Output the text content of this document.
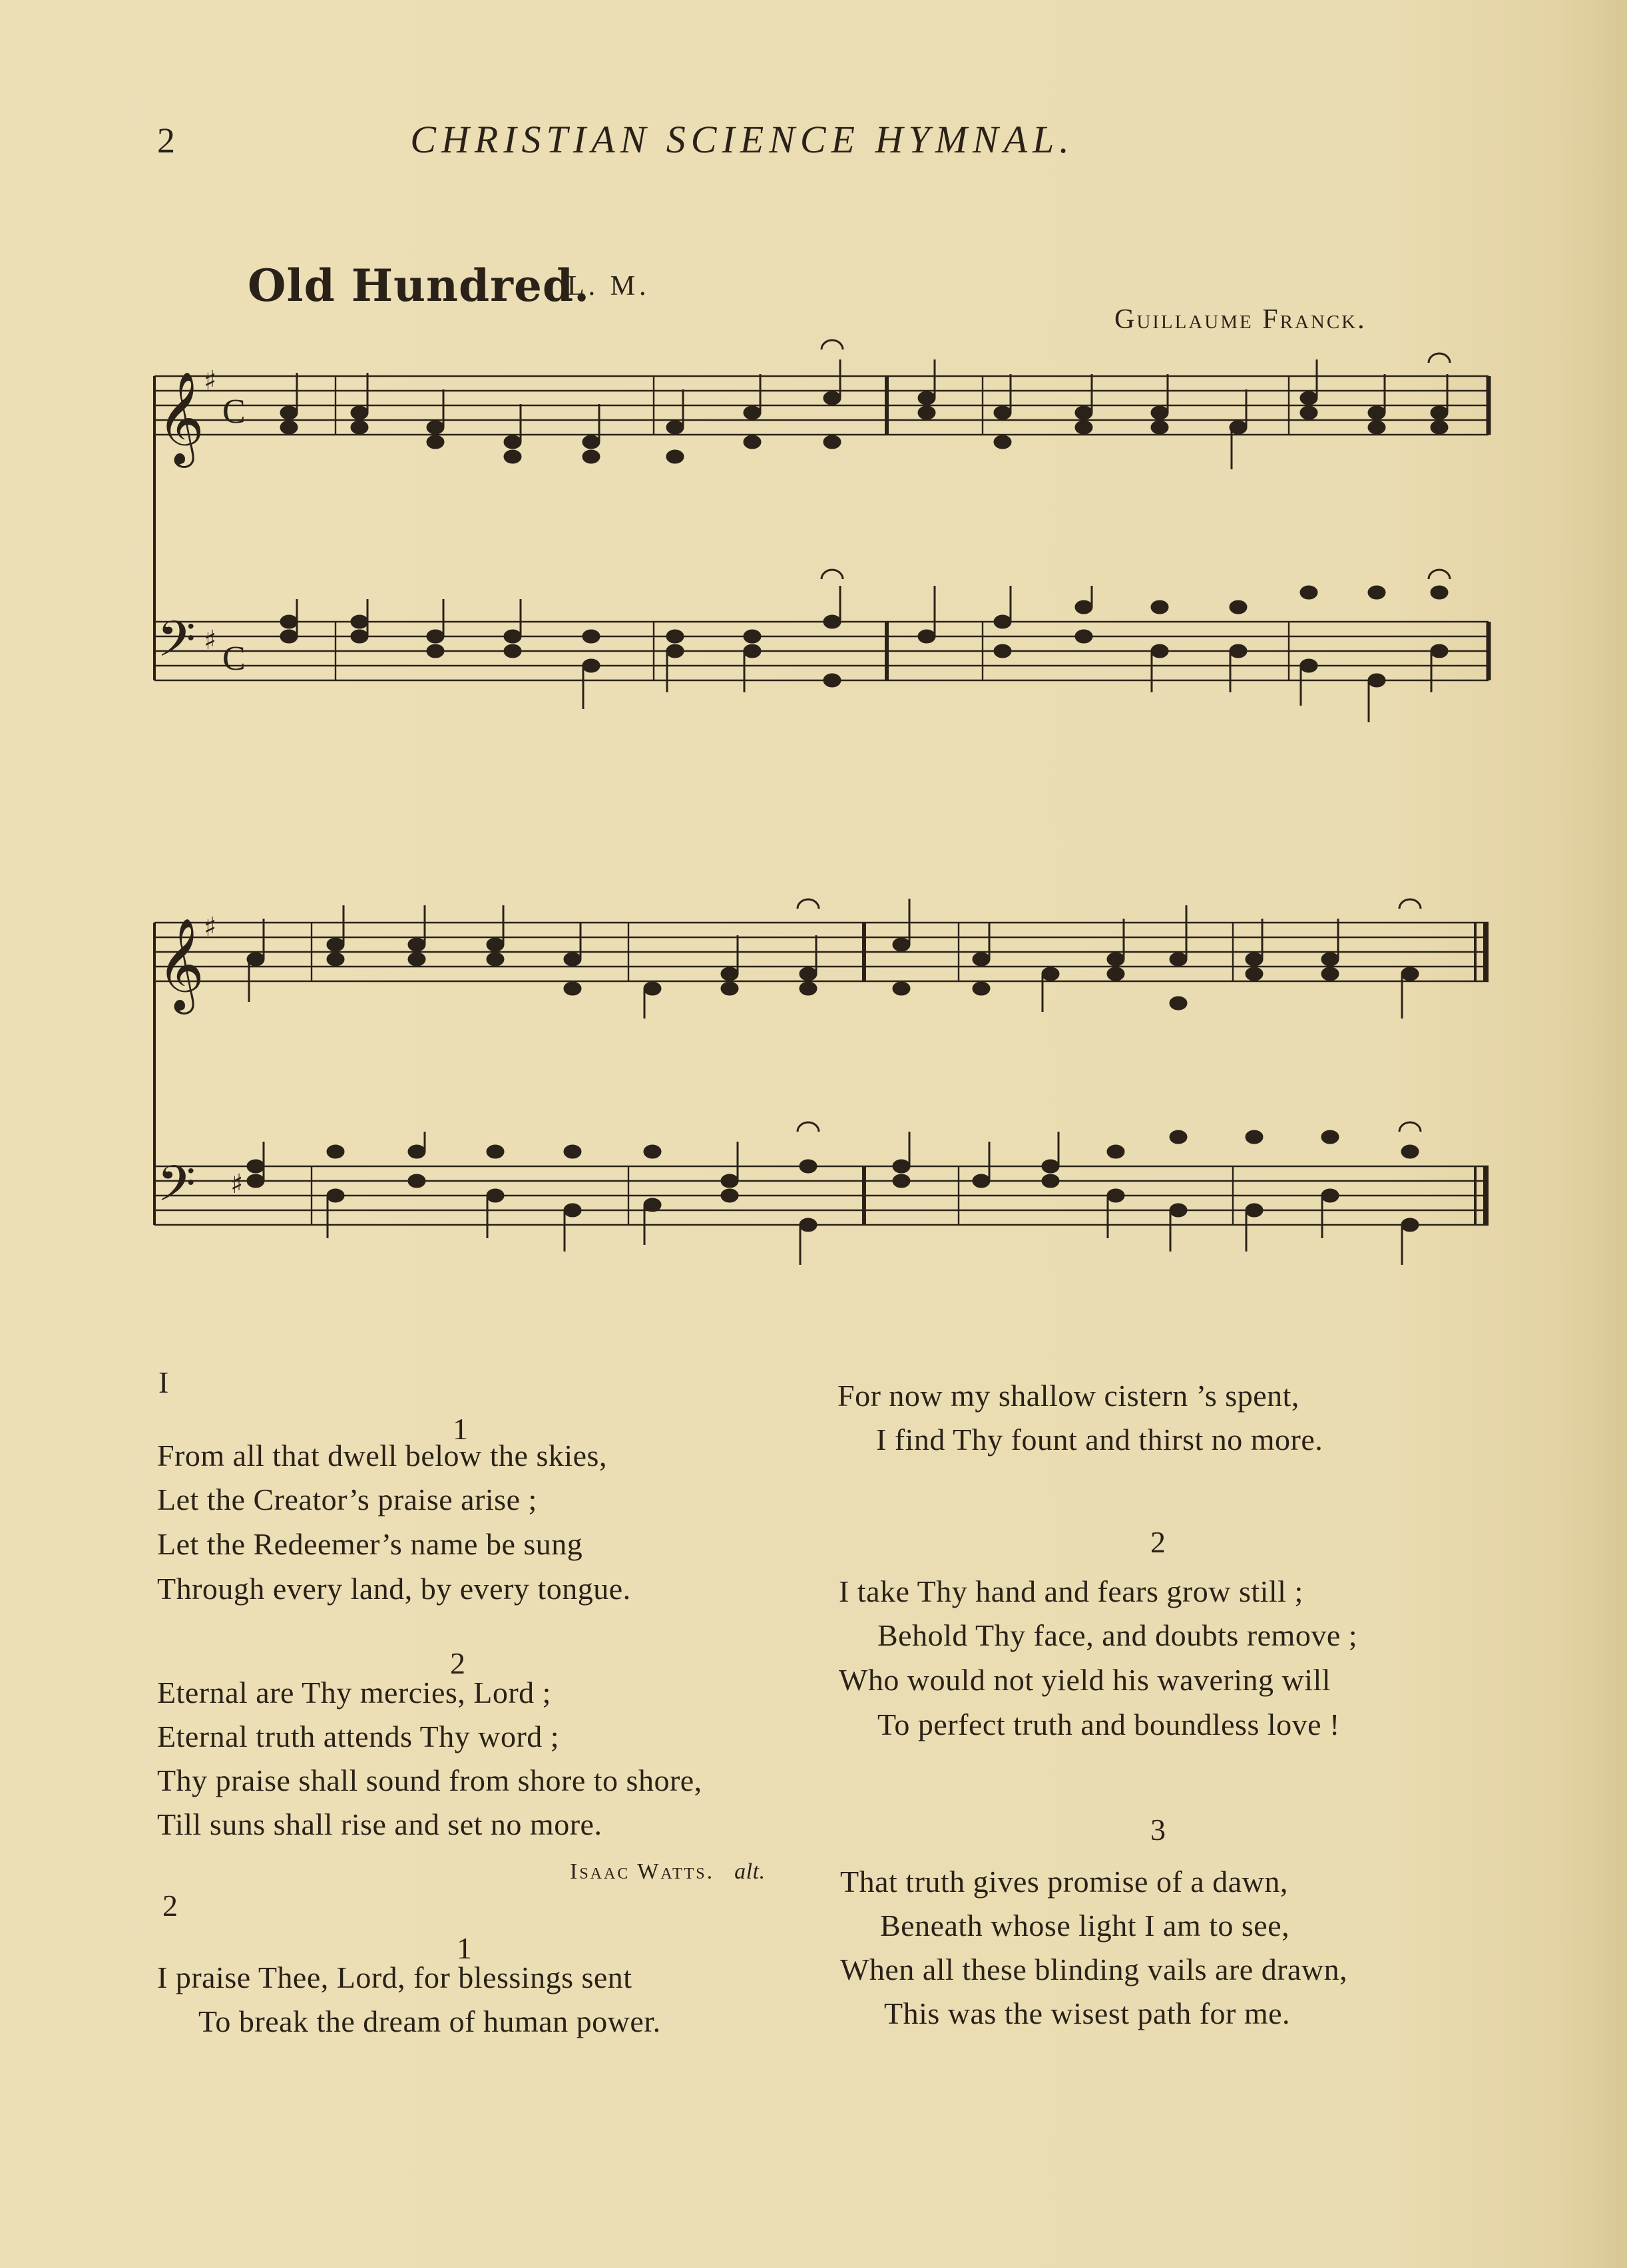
2	CHRISTIAN SCIENCE HYMNAL.
Old Hundred.
L. M.
Guillaume Franck.
𝄞
𝄢
𝄞
𝄢
♯
♯
♯
♯
C
C
I
1
From all that dwell below the skies,
Let the Creator’s praise arise ;
Let the Redeemer’s name be sung
Through every land, by every tongue.
2
Eternal are Thy mercies, Lord ;
Eternal truth attends Thy word ;
Thy praise shall sound from shore to shore,
Till suns shall rise and set no more.
Isaac Watts. alt.
2
1
I praise Thee, Lord, for blessings sent
To break the dream of human power.
For now my shallow cistern ’s spent,
I find Thy fount and thirst no more.
2
I take Thy hand and fears grow still ;
Behold Thy face, and doubts remove ;
Who would not yield his wavering will
To perfect truth and boundless love !
3
That truth gives promise of a dawn,
Beneath whose light I am to see,
When all these blinding vails are drawn,
This was the wisest path for me.
